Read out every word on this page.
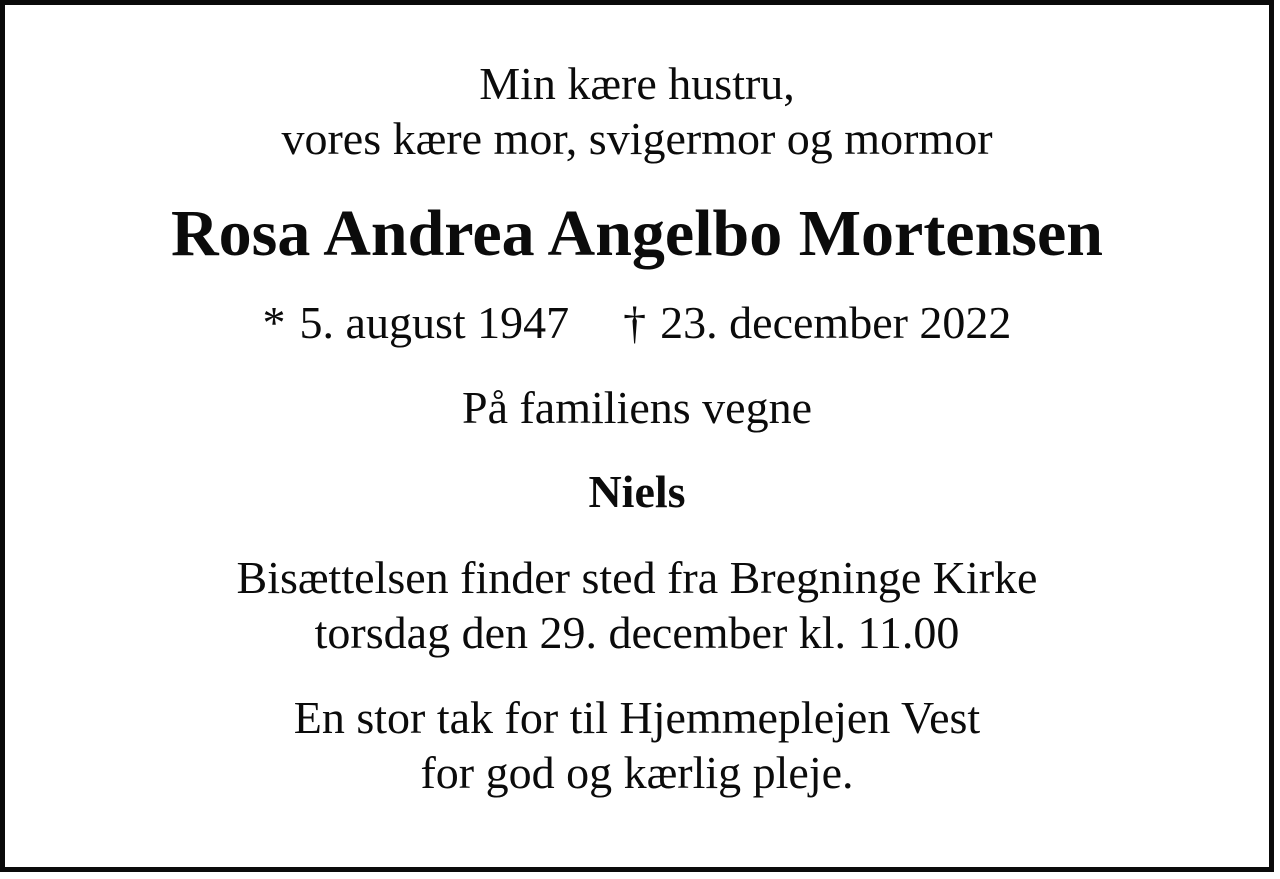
Min kære hustru,
vores kære mor, svigermor og mormor

Rosa Andrea Angelbo Mortensen
* 5. august 1947 † 23. december 2022

På familiens vegne

Niels

Bisættelsen finder sted fra Bregninge Kirke
torsdag den 29. december kl. 11.00

En stor tak for til Hjemmeplejen Vest
for god og kærlig pleje.
